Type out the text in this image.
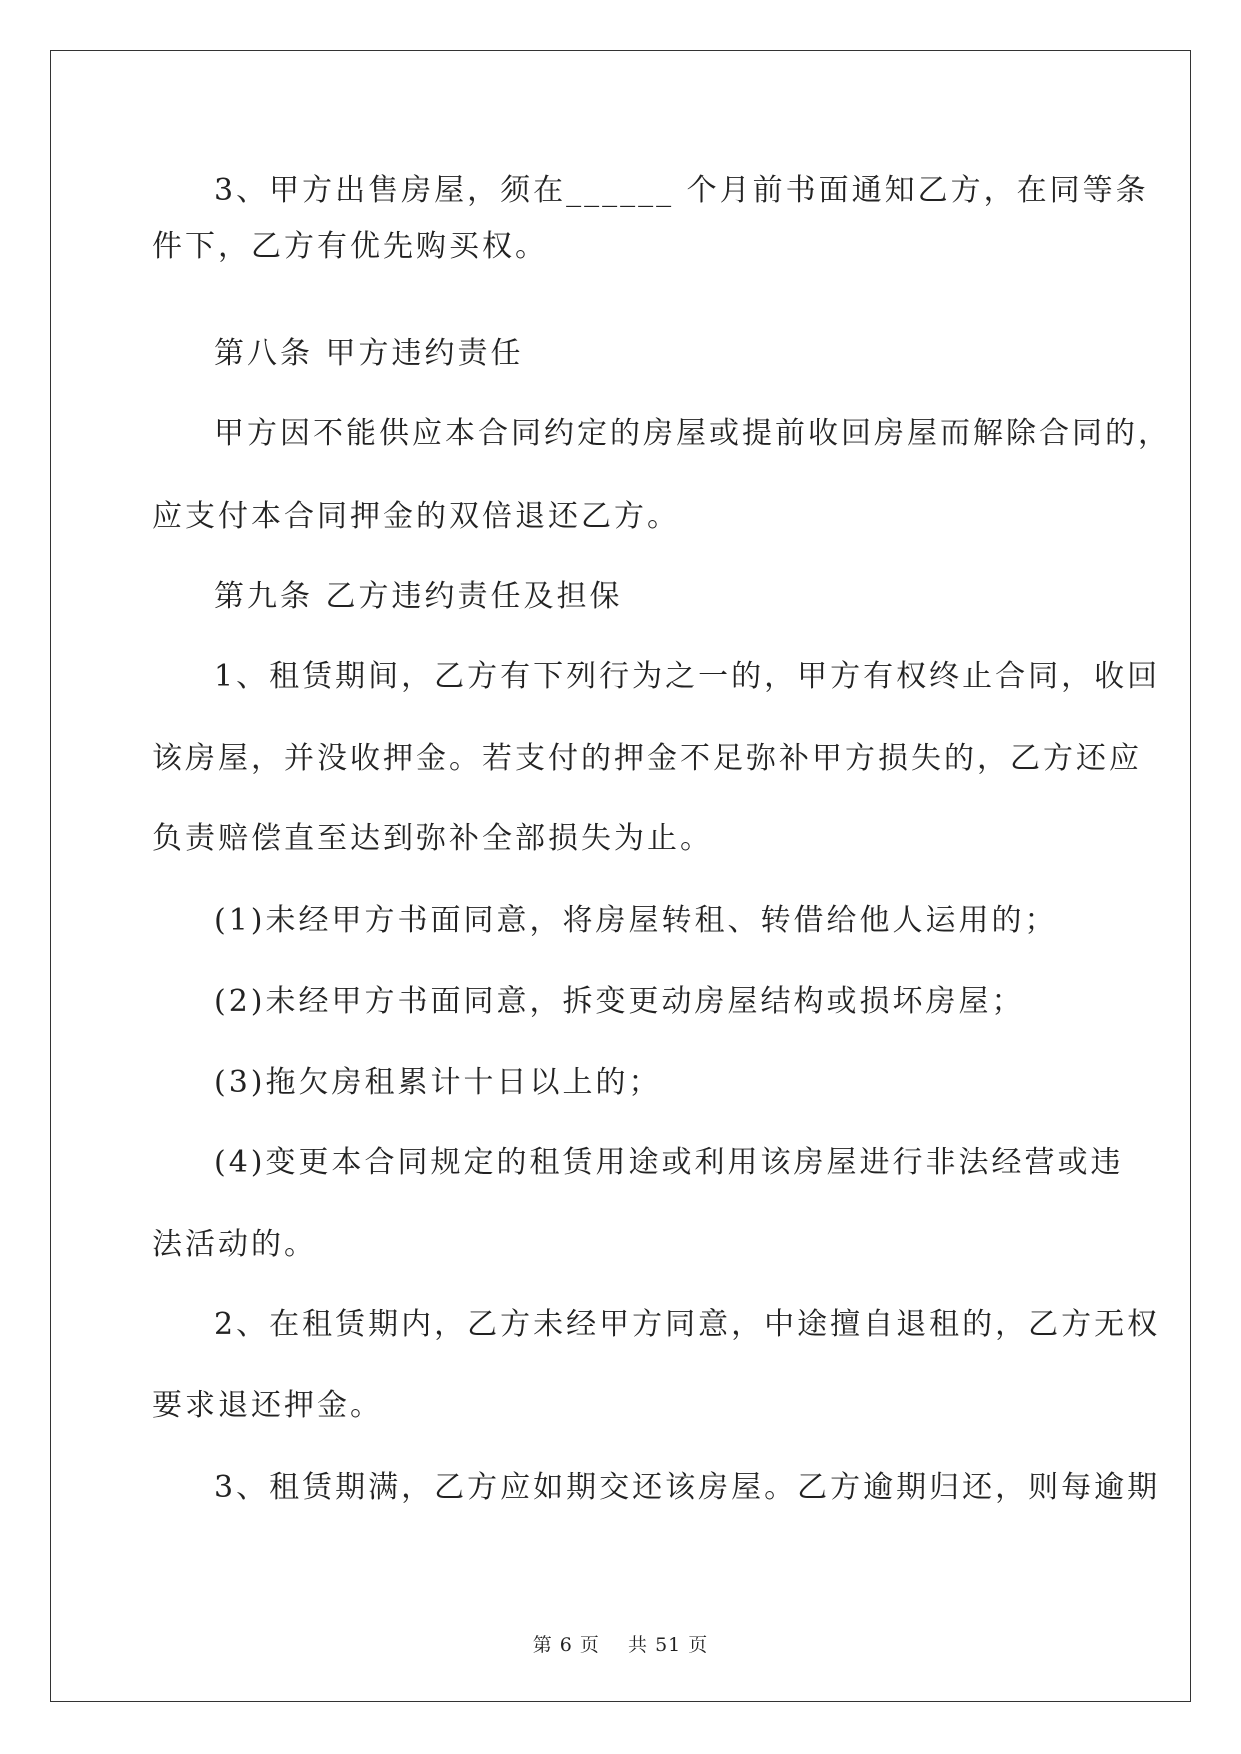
3、甲方出售房屋，须在______ 个月前书面通知乙方，在同等条
件下，乙方有优先购买权。
第八条 甲方违约责任
甲方因不能供应本合同约定的房屋或提前收回房屋而解除合同的，
应支付本合同押金的双倍退还乙方。
第九条 乙方违约责任及担保
1、租赁期间，乙方有下列行为之一的，甲方有权终止合同，收回
该房屋，并没收押金。若支付的押金不足弥补甲方损失的，乙方还应
负责赔偿直至达到弥补全部损失为止。
(1)未经甲方书面同意，将房屋转租、转借给他人运用的；
(2)未经甲方书面同意，拆变更动房屋结构或损坏房屋；
(3)拖欠房租累计十日以上的；
(4)变更本合同规定的租赁用途或利用该房屋进行非法经营或违
法活动的。
2、在租赁期内，乙方未经甲方同意，中途擅自退租的，乙方无权
要求退还押金。
3、租赁期满，乙方应如期交还该房屋。乙方逾期归还，则每逾期
第 6 页    共 51 页
